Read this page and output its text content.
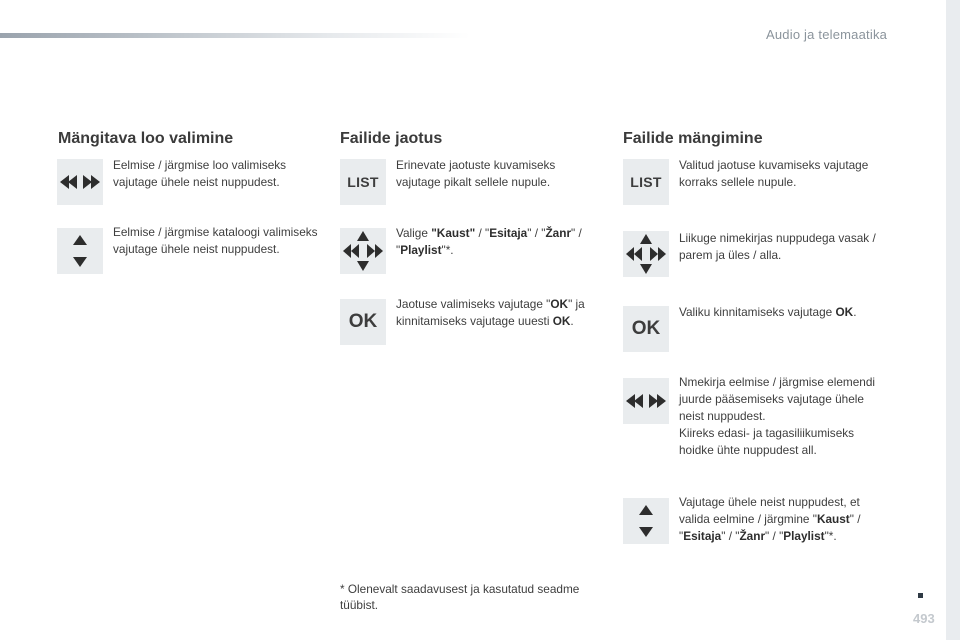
Audio ja telemaatika
Mängitava loo valimine
Eelmise / järgmise loo valimiseks vajutage ühele neist nuppudest.
Eelmise / järgmise kataloogi valimiseks vajutage ühele neist nuppudest.
Failide jaotus
LIST
Erinevate jaotuste kuvamiseks vajutage pikalt sellele nupule.
Valige "Kaust" / "Esitaja" / "Žanr" / "Playlist"*.
OK
Jaotuse valimiseks vajutage "OK" ja kinnitamiseks vajutage uuesti OK.
Failide mängimine
LIST
Valitud jaotuse kuvamiseks vajutage korraks sellele nupule.
Liikuge nimekirjas nuppudega vasak / parem ja üles / alla.
OK
Valiku kinnitamiseks vajutage OK.
Nmekirja eelmise / järgmise elemendi juurde pääsemiseks vajutage ühele neist nuppudest.
Kiireks edasi- ja tagasiliikumiseks hoidke ühte nuppudest all.
Vajutage ühele neist nuppudest, et valida eelmine / järgmine "Kaust" / "Esitaja" / "Žanr" / "Playlist"*.
* Olenevalt saadavusest ja kasutatud seadme tüübist.
493
